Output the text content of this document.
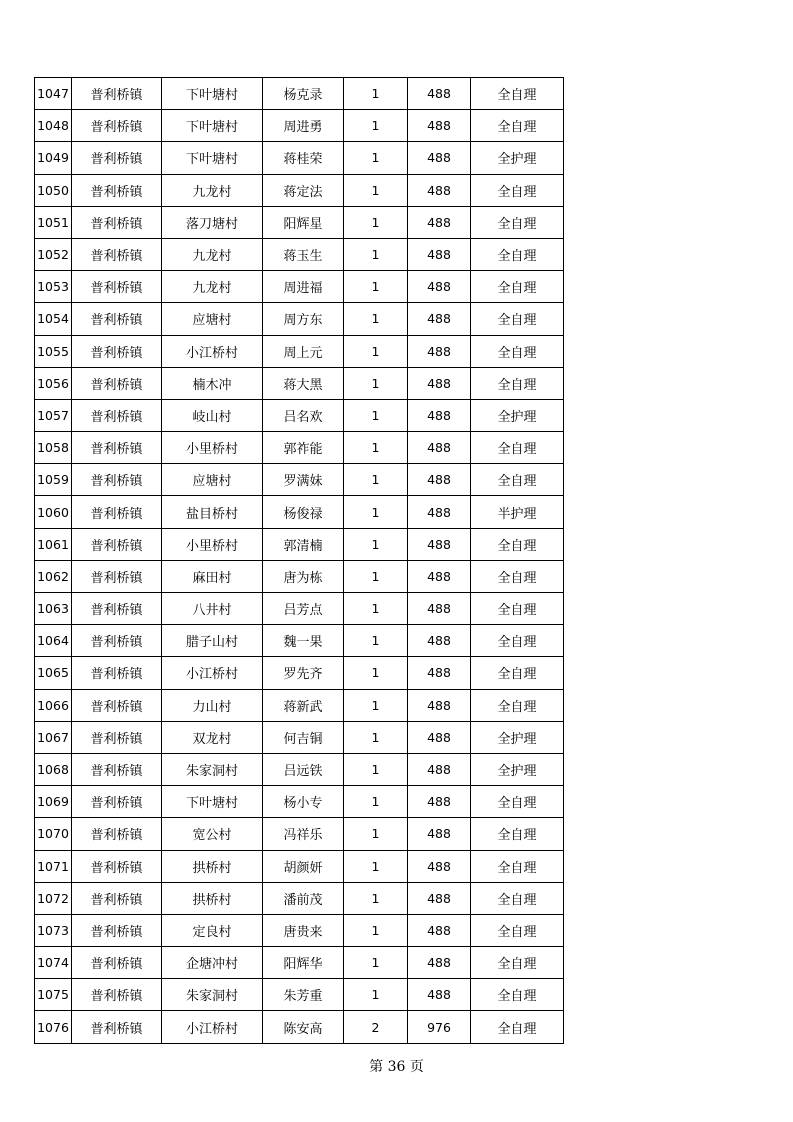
1047	普利桥镇	下叶塘村	杨克录	1	488	全自理
1048	普利桥镇	下叶塘村	周进勇	1	488	全自理
1049	普利桥镇	下叶塘村	蒋桂荣	1	488	全护理
1050	普利桥镇	九龙村	蒋定法	1	488	全自理
1051	普利桥镇	落刀塘村	阳辉星	1	488	全自理
1052	普利桥镇	九龙村	蒋玉生	1	488	全自理
1053	普利桥镇	九龙村	周进福	1	488	全自理
1054	普利桥镇	应塘村	周方东	1	488	全自理
1055	普利桥镇	小江桥村	周上元	1	488	全自理
1056	普利桥镇	楠木冲	蒋大黑	1	488	全自理
1057	普利桥镇	岐山村	吕名欢	1	488	全护理
1058	普利桥镇	小里桥村	郭祚能	1	488	全自理
1059	普利桥镇	应塘村	罗满妹	1	488	全自理
1060	普利桥镇	盐目桥村	杨俊禄	1	488	半护理
1061	普利桥镇	小里桥村	郭清楠	1	488	全自理
1062	普利桥镇	麻田村	唐为栋	1	488	全自理
1063	普利桥镇	八井村	吕芳点	1	488	全自理
1064	普利桥镇	腊子山村	魏一果	1	488	全自理
1065	普利桥镇	小江桥村	罗先齐	1	488	全自理
1066	普利桥镇	力山村	蒋新武	1	488	全自理
1067	普利桥镇	双龙村	何吉铜	1	488	全护理
1068	普利桥镇	朱家洞村	吕远铁	1	488	全护理
1069	普利桥镇	下叶塘村	杨小专	1	488	全自理
1070	普利桥镇	宽公村	冯祥乐	1	488	全自理
1071	普利桥镇	拱桥村	胡颜妍	1	488	全自理
1072	普利桥镇	拱桥村	潘前茂	1	488	全自理
1073	普利桥镇	定良村	唐贵来	1	488	全自理
1074	普利桥镇	企塘冲村	阳辉华	1	488	全自理
1075	普利桥镇	朱家洞村	朱芳重	1	488	全自理
1076	普利桥镇	小江桥村	陈安高	2	976	全自理
第 36 页
